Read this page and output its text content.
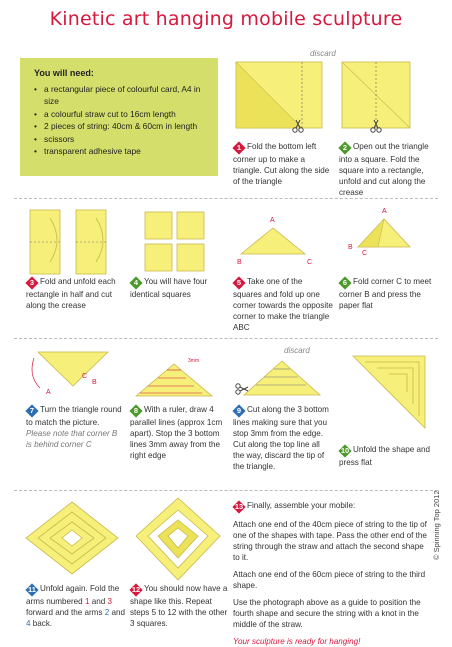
Kinetic art hanging mobile sculpture
You will need:
• a rectangular piece of colourful card, A4 in size
• a colourful straw cut to 16cm length
• 2 pieces of string: 40cm & 60cm in length
• scissors
• transparent adhesive tape
discard
1 Fold the bottom left corner up to make a triangle. Cut along the side of the triangle
2 Open out the triangle into a square. Fold the square into a rectangle, unfold and cut along the crease
A
B	C
A
B
C
3 Fold and unfold each rectangle in half and cut along the crease
4 You will have four identical squares
5 Take one of the squares and fold up one corner towards the opposite corner to make the triangle ABC
6 Fold corner C to meet corner B and press the paper flat
B
C
A
3mm
discard
7 Turn the triangle round to match the picture. Please note that corner B is behind corner C
8 With a ruler, draw 4 parallel lines (approx 1cm apart). Stop the 3 bottom lines 3mm away from the right edge
9 Cut along the 3 bottom lines making sure that you stop 3mm from the edge. Cut along the top line all the way, discard the tip of the triangle.
10 Unfold the shape and press flat
11 Unfold again. Fold the arms numbered 1 and 3 forward and the arms 2 and 4 back.
12 You should now have a shape like this. Repeat steps 5 to 12 with the other 3 squares.

13 Finally, assemble your mobile:

Attach one end of the 40cm piece of string to the tip of one of the shapes with tape. Pass the other end of the string through the straw and attach the second shape to it.

Attach one end of the 60cm piece of string to the third shape.

Use the photograph above as a guide to position the fourth shape and secure the string with a knot in the middle of the straw.

Your sculpture is ready for hanging!

© Spinning Top 2012
